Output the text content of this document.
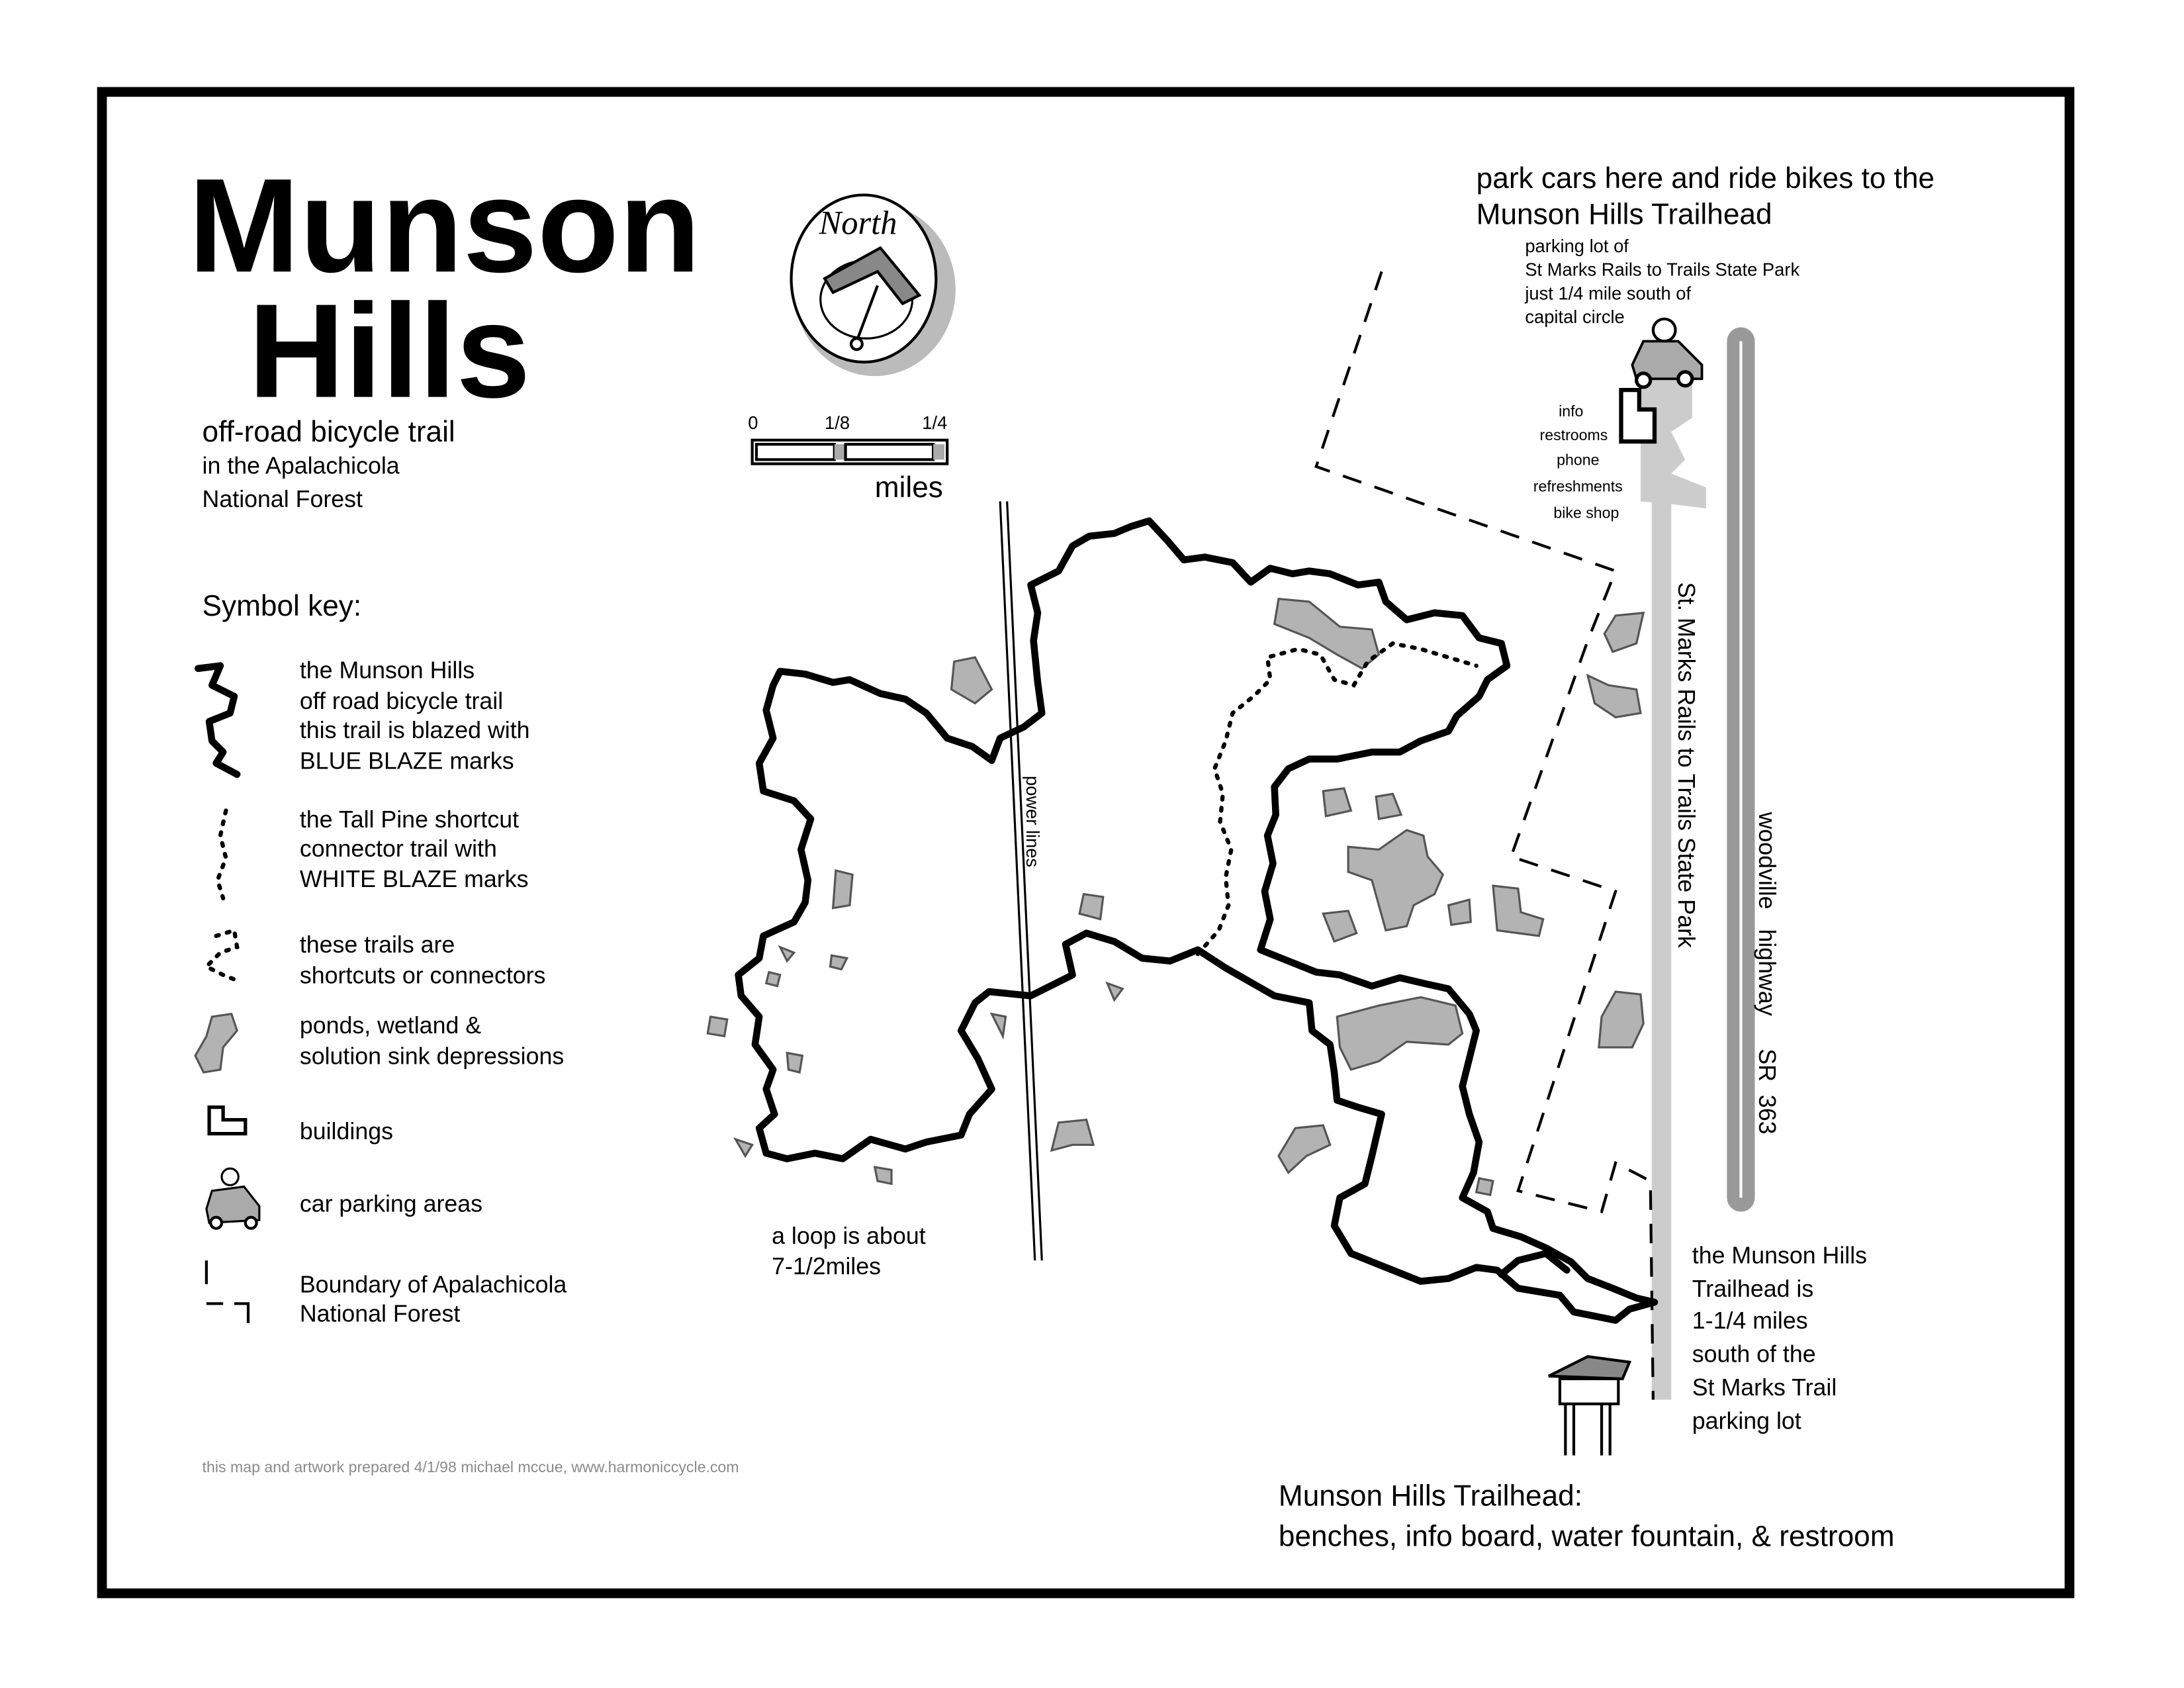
Munson
Hills
off-road bicycle trail
in the Apalachicola
National Forest
North
0	1/8	1/4
miles
Symbol key:
the Munson Hills
off road bicycle trail
this trail is blazed with
BLUE BLAZE marks
the Tall Pine shortcut
connector trail with
WHITE BLAZE marks
these trails are
shortcuts or connectors
ponds, wetland &
solution sink depressions
buildings
car parking areas
Boundary of Apalachicola
National Forest
this map and artwork prepared 4/1/98 michael mccue, www.harmoniccycle.com
power lines
a loop is about
7-1/2miles
park cars here and ride bikes to the
Munson Hills Trailhead
parking lot of
St Marks Rails to Trails State Park
just 1/4 mile south of
capital circle
info
restrooms
phone
refreshments
bike shop
St. Marks Rails to Trails State Park
woodville   highway     SR  363
the Munson Hills
Trailhead is
1-1/4 miles
south of the
St Marks Trail
parking lot
Munson Hills Trailhead:
benches, info board, water fountain, & restroom
